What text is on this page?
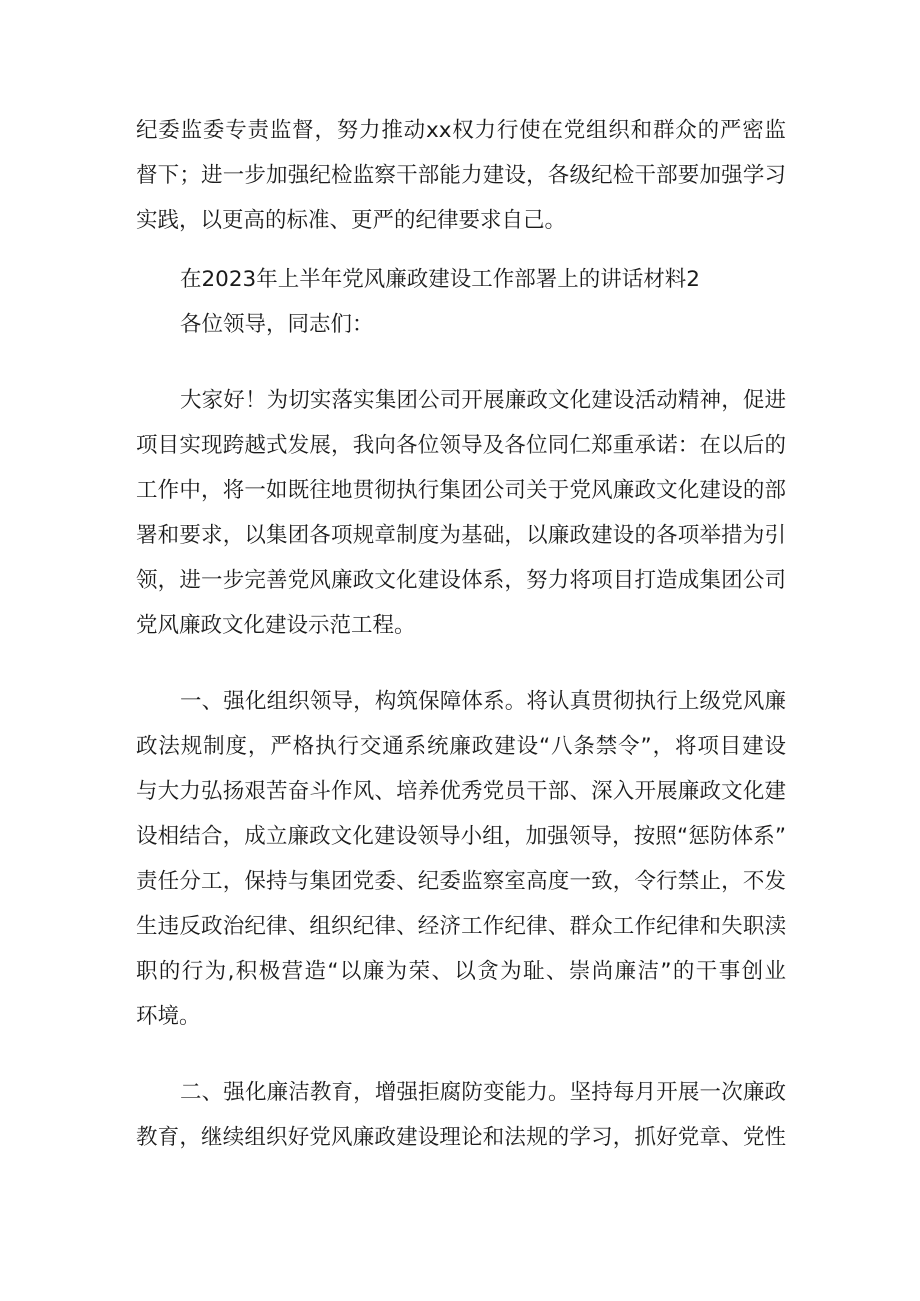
纪委监委专责监督，努力推动xx权力行使在党组织和群众的严密监

督下；进一步加强纪检监察干部能力建设，各级纪检干部要加强学习

实践，以更高的标准、更严的纪律要求自己。

在2023年上半年党风廉政建设工作部署上的讲话材料2

各位领导，同志们：

大家好！为切实落实集团公司开展廉政文化建设活动精神，促进

项目实现跨越式发展，我向各位领导及各位同仁郑重承诺：在以后的

工作中，将一如既往地贯彻执行集团公司关于党风廉政文化建设的部

署和要求，以集团各项规章制度为基础，以廉政建设的各项举措为引

领，进一步完善党风廉政文化建设体系，努力将项目打造成集团公司

党风廉政文化建设示范工程。

一、强化组织领导，构筑保障体系。将认真贯彻执行上级党风廉

政法规制度，严格执行交通系统廉政建设“八条禁令”，将项目建设

与大力弘扬艰苦奋斗作风、培养优秀党员干部、深入开展廉政文化建

设相结合，成立廉政文化建设领导小组，加强领导，按照“惩防体系”

责任分工，保持与集团党委、纪委监察室高度一致，令行禁止，不发

生违反政治纪律、组织纪律、经济工作纪律、群众工作纪律和失职渎

职的行为,积极营造“以廉为荣、以贪为耻、崇尚廉洁”的干事创业

环境。

二、强化廉洁教育，增强拒腐防变能力。坚持每月开展一次廉政

教育，继续组织好党风廉政建设理论和法规的学习，抓好党章、党性
